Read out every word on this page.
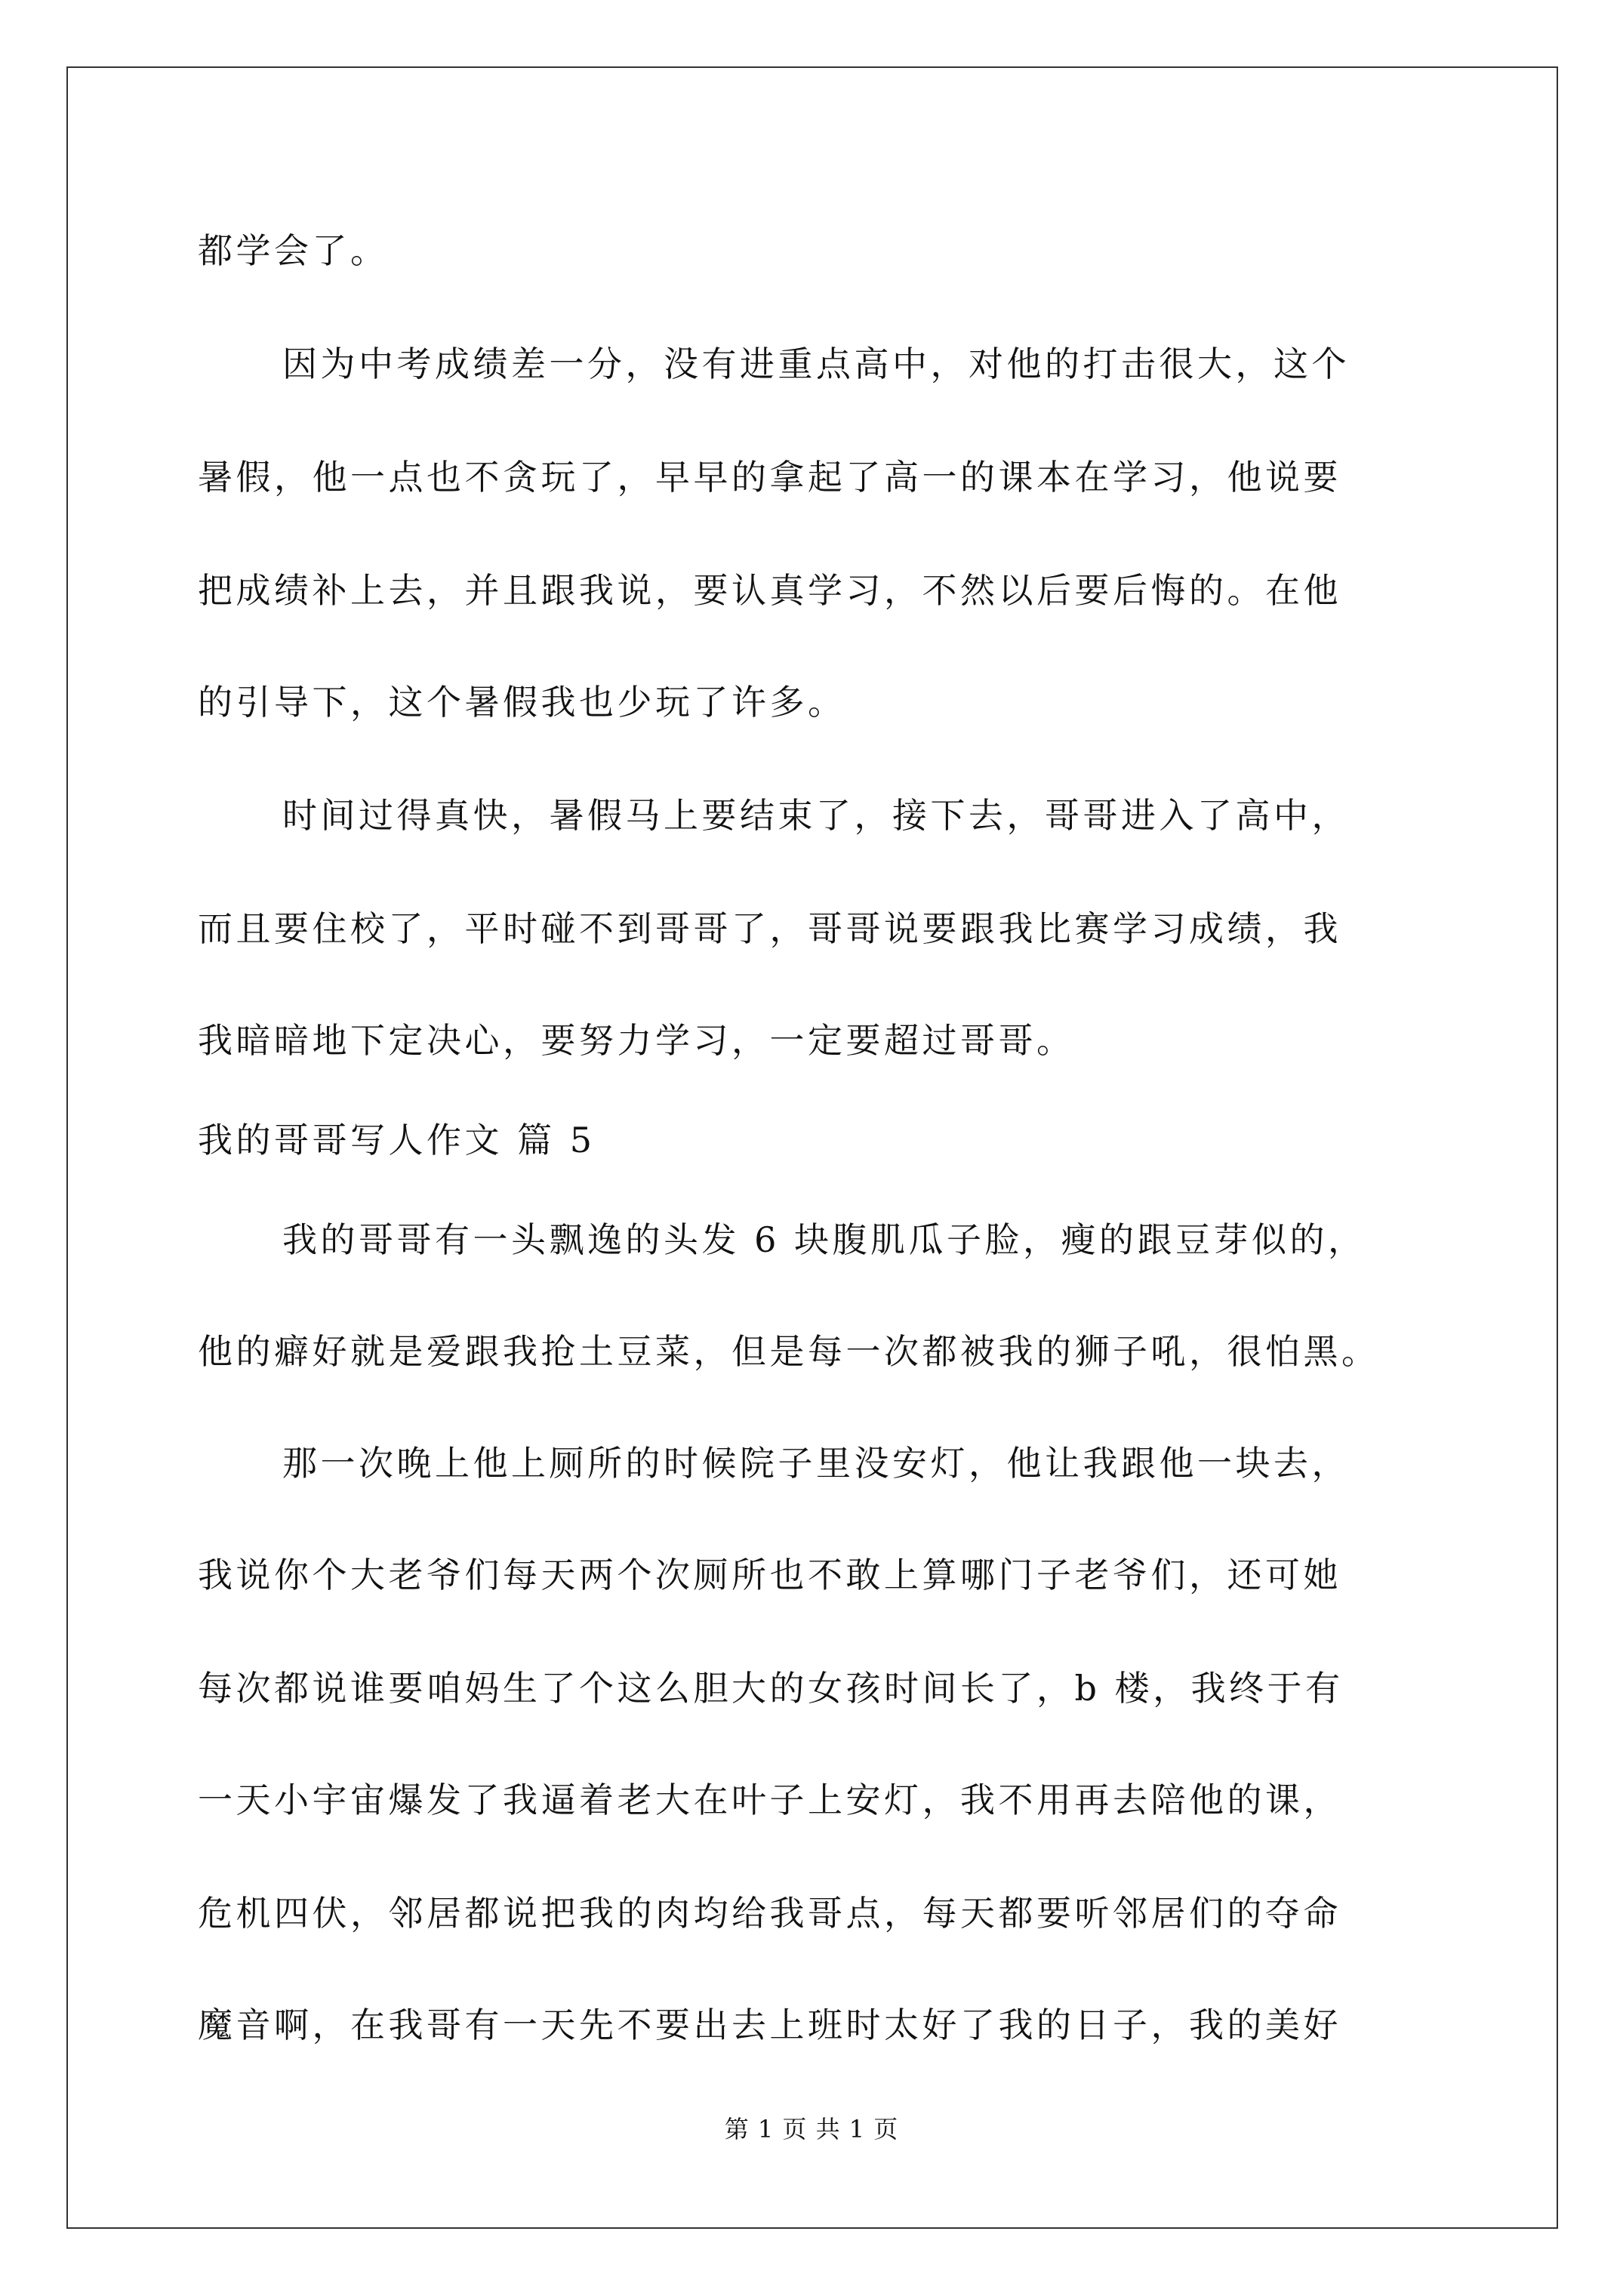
都学会了。
因为中考成绩差一分，没有进重点高中，对他的打击很大，这个
暑假，他一点也不贪玩了，早早的拿起了高一的课本在学习，他说要
把成绩补上去，并且跟我说，要认真学习，不然以后要后悔的。在他
的引导下，这个暑假我也少玩了许多。
时间过得真快，暑假马上要结束了，接下去，哥哥进入了高中，
而且要住校了，平时碰不到哥哥了，哥哥说要跟我比赛学习成绩，我
我暗暗地下定决心，要努力学习，一定要超过哥哥。
我的哥哥写人作文 篇 5
我的哥哥有一头飘逸的头发 6 块腹肌瓜子脸，瘦的跟豆芽似的，
他的癖好就是爱跟我抢土豆菜，但是每一次都被我的狮子吼，很怕黑。
那一次晚上他上厕所的时候院子里没安灯，他让我跟他一块去，
我说你个大老爷们每天两个次厕所也不敢上算哪门子老爷们，还可她
每次都说谁要咱妈生了个这么胆大的女孩时间长了，b 楼，我终于有
一天小宇宙爆发了我逼着老大在叶子上安灯，我不用再去陪他的课，
危机四伏，邻居都说把我的肉均给我哥点，每天都要听邻居们的夺命
魔音啊，在我哥有一天先不要出去上班时太好了我的日子，我的美好
第 1 页 共 1 页
